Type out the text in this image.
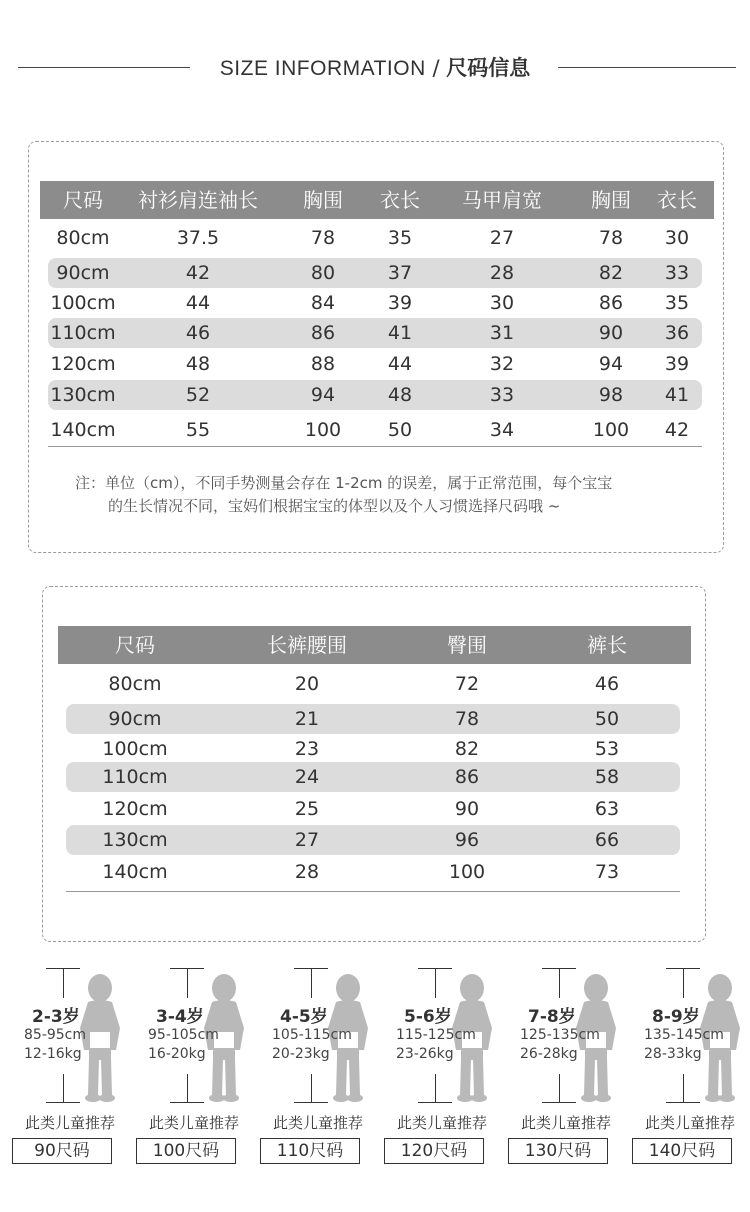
SIZE INFORMATION / 尺码信息
尺码	衬衫肩连袖长	胸围	衣长	马甲肩宽	胸围	衣长
80cm	37.5	78	35	27	78	30
90cm	42	80	37	28	82	33
100cm	44	84	39	30	86	35
110cm	46	86	41	31	90	36
120cm	48	88	44	32	94	39
130cm	52	94	48	33	98	41
140cm	55	100	50	34	100	42
注：单位（cm），不同手势测量会存在 1-2cm 的误差，属于正常范围，每个宝宝
的生长情况不同，宝妈们根据宝宝的体型以及个人习惯选择尺码哦 ~
尺码	长裤腰围	臀围	裤长
80cm	20	72	46
90cm	21	78	50
100cm	23	82	53
110cm	24	86	58
120cm	25	90	63
130cm	27	96	66
140cm	28	100	73
2-3岁
85-95cm
12-16kg
此类儿童推荐
90尺码
3-4岁
95-105cm
16-20kg
此类儿童推荐
100尺码
4-5岁
105-115cm
20-23kg
此类儿童推荐
110尺码
5-6岁
115-125cm
23-26kg
此类儿童推荐
120尺码
7-8岁
125-135cm
26-28kg
此类儿童推荐
130尺码
8-9岁
135-145cm
28-33kg
此类儿童推荐
140尺码
